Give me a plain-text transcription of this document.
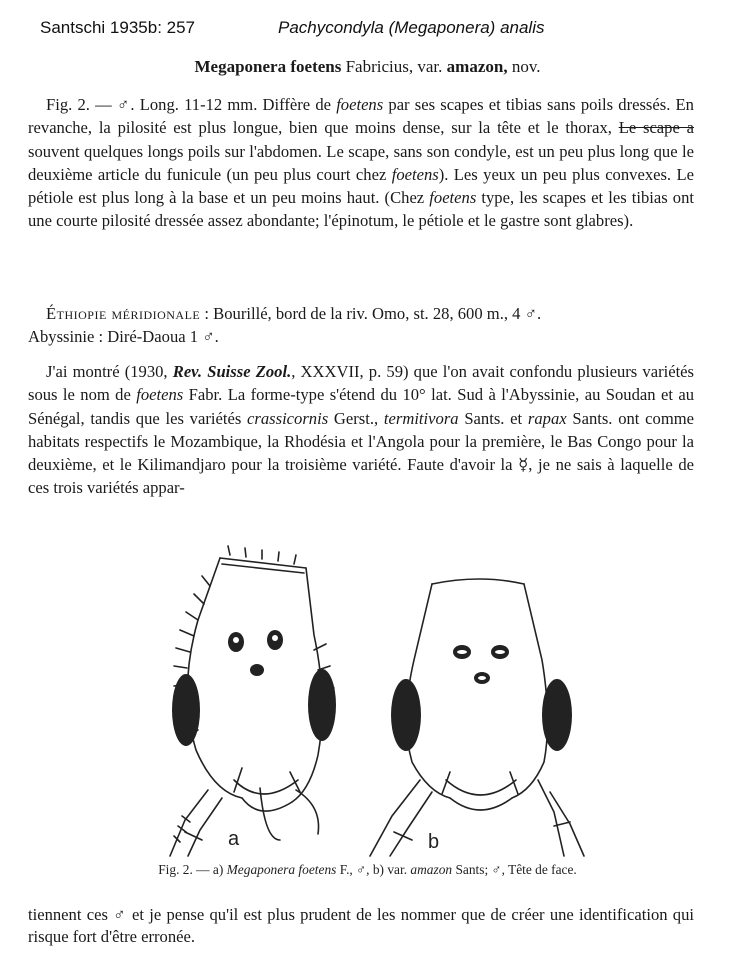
Santschi 1935b: 257	Pachycondyla (Megaponera) analis
Megaponera foetens Fabricius, var. amazon, nov.

Fig. 2. — ♂. Long. 11-12 mm. Diffère de foetens par ses scapes et tibias sans poils dressés. En revanche, la pilosité est plus longue, bien que moins dense, sur la tête et le thorax, Le scape a souvent quelques longs poils sur l'abdomen. Le scape, sans son condyle, est un peu plus long que le deuxième article du funicule (un peu plus court chez foetens). Les yeux un peu plus convexes. Le pétiole est plus long à la base et un peu moins haut. (Chez foetens type, les scapes et les tibias ont une courte pilosité dressée assez abondante; l'épinotum, le pétiole et le gastre sont glabres).

Éthiopie méridionale : Bourillé, bord de la riv. Omo, st. 28, 600 m., 4 ♂.
Abyssinie : Diré-Daoua 1 ♂.

J'ai montré (1930, Rev. Suisse Zool., XXXVII, p. 59) que l'on avait confondu plusieurs variétés sous le nom de foetens Fabr. La forme-type s'étend du 10° lat. Sud à l'Abyssinie, au Soudan et au Sénégal, tandis que les variétés crassicornis Gerst., termitivora Sants. et rapax Sants. ont comme habitats respectifs le Mozambique, la Rhodésia et l'Angola pour la première, le Bas Congo pour la deuxième, et le Kilimandjaro pour la troisième variété. Faute d'avoir la ☿, je ne sais à laquelle de ces trois variétés appar-

a	b
Fig. 2. — a) Megaponera foetens F., ♂, b) var. amazon Sants; ♂, Tête de face.

tiennent ces ♂ et je pense qu'il est plus prudent de les nommer que de créer une identification qui risque fort d'être erronée.
